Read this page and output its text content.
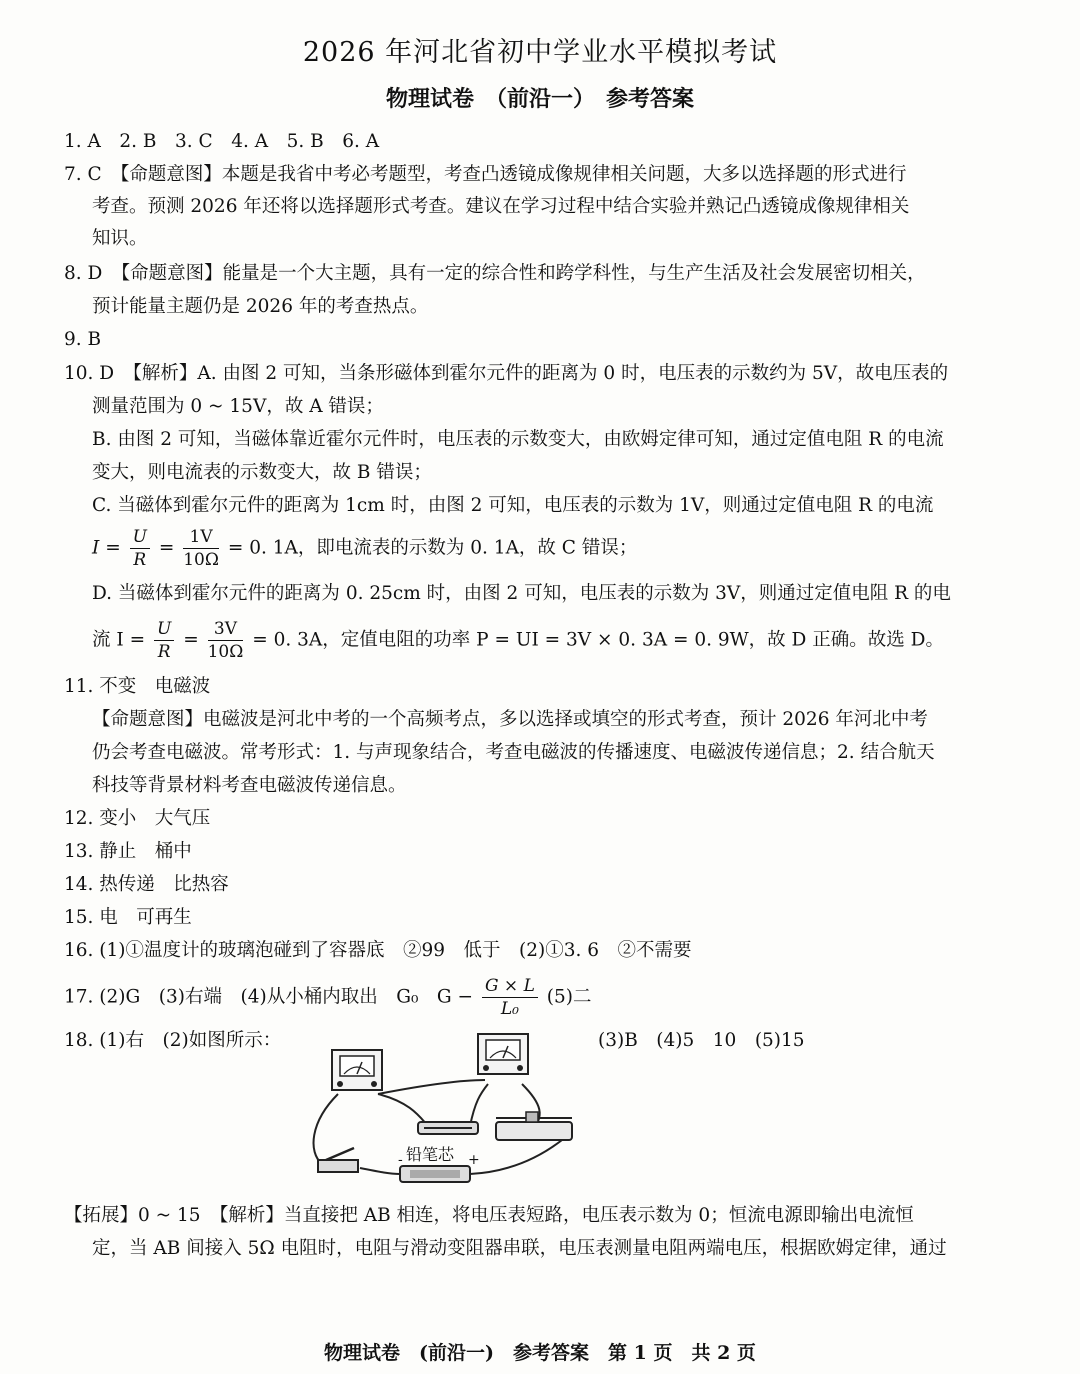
2026 年河北省初中学业水平模拟考试
物理试卷　（前沿一）　参考答案
1. A　2. B　3. C　4. A　5. B　6. A
7. C　【命题意图】本题是我省中考必考题型，考查凸透镜成像规律相关问题，大多以选择题的形式进行
考查。预测 2026 年还将以选择题形式考查。建议在学习过程中结合实验并熟记凸透镜成像规律相关
知识。
8. D　【命题意图】能量是一个大主题，具有一定的综合性和跨学科性，与生产生活及社会发展密切相关，
预计能量主题仍是 2026 年的考查热点。
9. B
10. D　【解析】A. 由图 2 可知，当条形磁体到霍尔元件的距离为 0 时，电压表的示数约为 5V，故电压表的
测量范围为 0 ~ 15V，故 A 错误；
B. 由图 2 可知，当磁体靠近霍尔元件时，电压表的示数变大，由欧姆定律可知，通过定值电阻 R 的电流
变大，则电流表的示数变大，故 B 错误；
C. 当磁体到霍尔元件的距离为 1cm 时，由图 2 可知，电压表的示数为 1V，则通过定值电阻 R 的电流
$I = \frac{U}{R} = \frac{1V}{10\Omega} = 0$. 1A，即电流表的示数为 0. 1A，故 C 错误；
D. 当磁体到霍尔元件的距离为 0. 25cm 时，由图 2 可知，电压表的示数为 3V，则通过定值电阻 R 的电
流 $I = \frac{U}{R} = \frac{3V}{10\Omega} = 0$. 3A，定值电阻的功率 P = UI = 3V × 0. 3A = 0. 9W，故 D 正确。故选 D。
11. 不变　电磁波
【命题意图】电磁波是河北中考的一个高频考点，多以选择或填空的形式考查，预计 2026 年河北中考
仍会考查电磁波。常考形式：1. 与声现象结合，考查电磁波的传播速度、电磁波传递信息；2. 结合航天
科技等背景材料考查电磁波传递信息。
12. 变小　大气压
13. 静止　桶中
14. 热传递　比热容
15. 电　可再生
16. (1)①温度计的玻璃泡碰到了容器底　②99　低于　(2)①3. 6　②不需要
17. (2)G　(3)右端　(4)从小桶内取出　G₀　$G - \frac{G \times L}{\text{L₀}} (5)$二
18. (1)右　(2)如图所示：	(3)B　(4)5　10　(5)15
铅笔芯
-	+
【拓展】0 ~ 15　【解析】当直接把 AB 相连，将电压表短路，电压表示数为 0；恒流电源即输出电流恒
定，当 AB 间接入 5Ω 电阻时，电阻与滑动变阻器串联，电压表测量电阻两端电压，根据欧姆定律，通过
物理试卷　(前沿一)　参考答案　第 1 页　共 2 页
